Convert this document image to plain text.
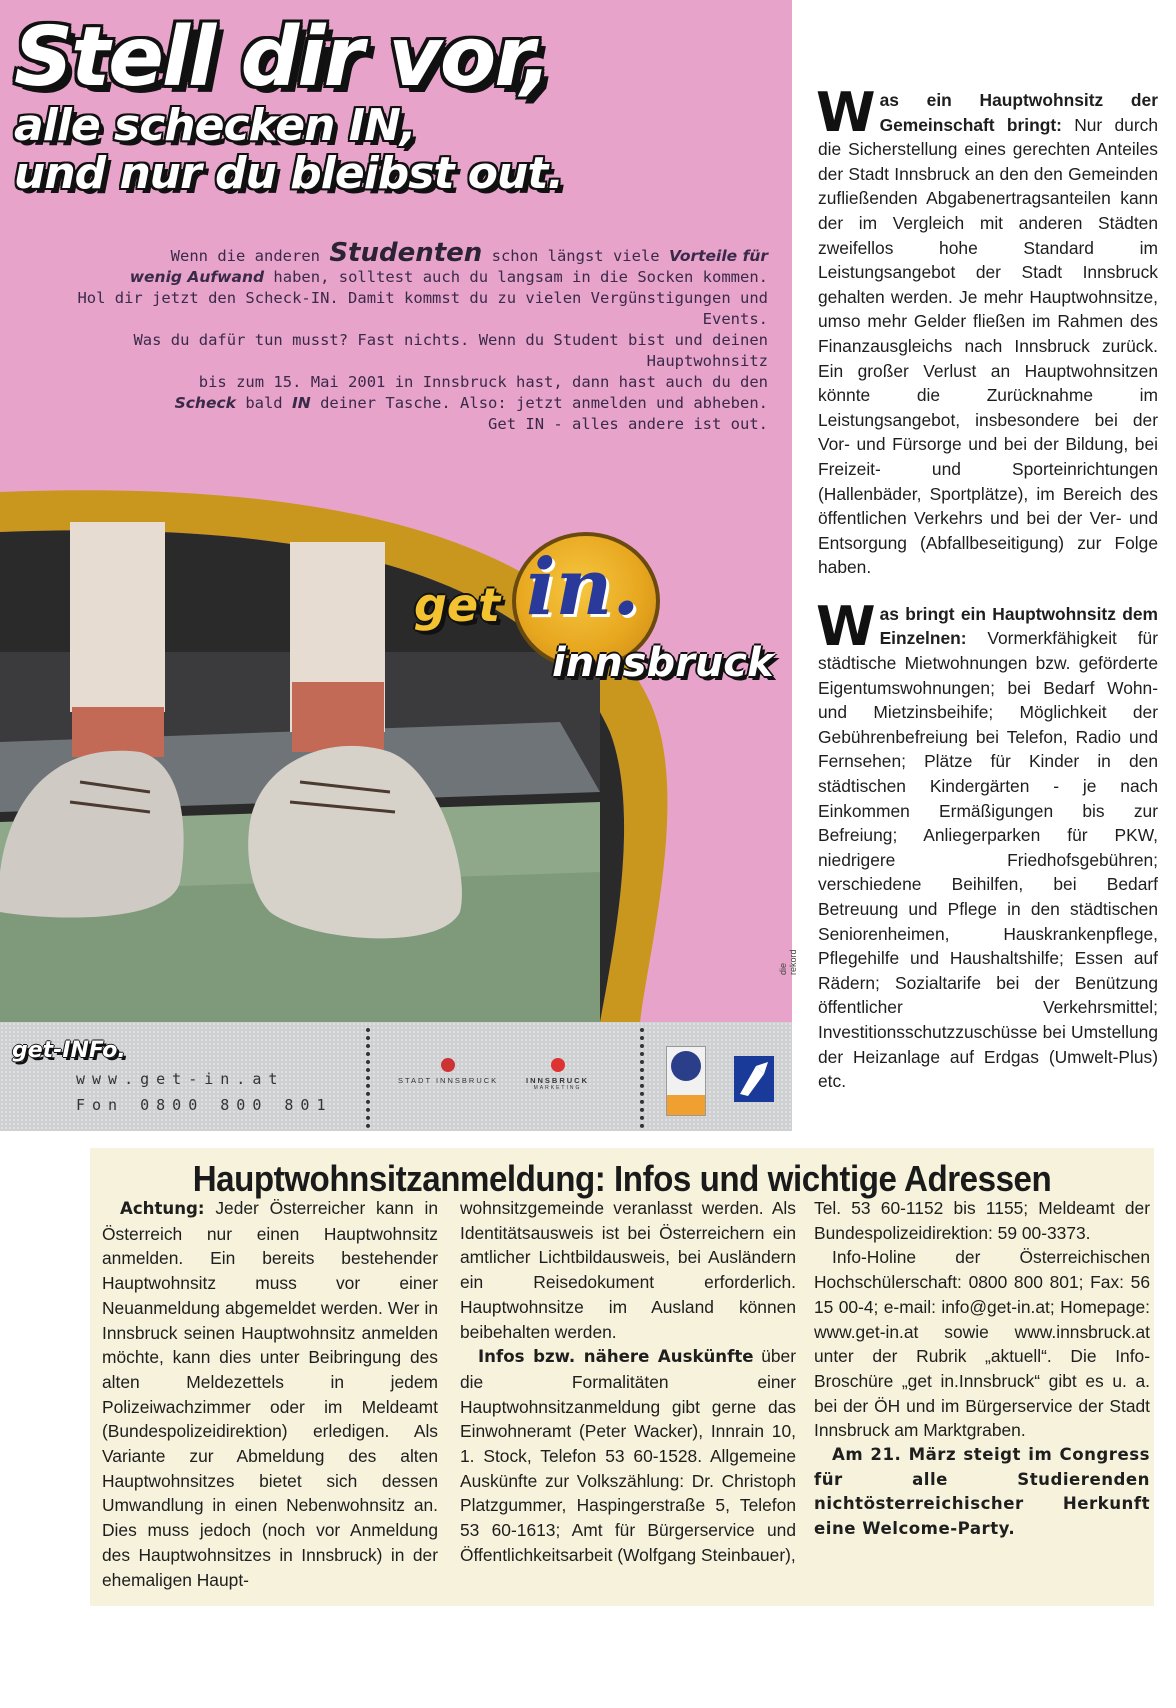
Stell dir vor,
alle schecken IN,
und nur du bleibst out.
Wenn die anderen Studenten schon längst viele Vorteile für
wenig Aufwand haben, solltest auch du langsam in die Socken kommen.
Hol dir jetzt den Scheck-IN. Damit kommst du zu vielen Vergünstigungen und Events.
Was du dafür tun musst? Fast nichts. Wenn du Student bist und deinen Hauptwohnsitz
bis zum 15. Mai 2001 in Innsbruck hast, dann hast auch du den
Scheck bald IN deiner Tasche. Also: jetzt anmelden und abheben.
Get IN - alles andere ist out.
in.
get
innsbruck
die rekord
get-INFo.
www.get-in.at
Fon 0800 800 801
STADT INNSBRUCK	INNSBRUCK
MARKETING

Was ein Hauptwohnsitz der Gemeinschaft bringt: Nur durch die Sicherstellung eines gerechten Anteiles der Stadt Innsbruck an den den Gemeinden zufließenden Abgabenertragsanteilen kann der im Vergleich mit anderen Städten zweifellos hohe Standard im Leistungsangebot der Stadt Innsbruck gehalten werden. Je mehr Hauptwohnsitze, umso mehr Gelder fließen im Rahmen des Finanzausgleichs nach Innsbruck zurück. Ein großer Verlust an Hauptwohnsitzen könnte die Zurücknahme im Leistungsangebot, insbesondere bei der Vor- und Fürsorge und bei der Bildung, bei Freizeit- und Sporteinrichtungen (Hallenbäder, Sportplätze), im Bereich des öffentlichen Verkehrs und bei der Ver- und Entsorgung (Abfallbeseitigung) zur Folge haben.

Was bringt ein Hauptwohnsitz dem Einzelnen: Vormerkfähigkeit für städtische Mietwohnungen bzw. geförderte Eigentumswohnungen; bei Bedarf Wohn- und Mietzinsbeihife; Möglichkeit der Gebührenbefreiung bei Telefon, Radio und Fernsehen; Plätze für Kinder in den städtischen Kindergärten - je nach Einkommen Ermäßigungen bis zur Befreiung; Anliegerparken für PKW, niedrigere Friedhofsgebühren; verschiedene Beihilfen, bei Bedarf Betreuung und Pflege in den städtischen Seniorenheimen, Hauskrankenpflege, Pflegehilfe und Haushaltshilfe; Essen auf Rädern; Sozialtarife bei der Benützung öffentlicher Verkehrsmittel; Investitionsschutzzuschüsse bei Umstellung der Heizanlage auf Erdgas (Umwelt-Plus) etc.

Hauptwohnsitzanmeldung: Infos und wichtige Adressen

Achtung: Jeder Österreicher kann in Österreich nur einen Hauptwohnsitz anmelden. Ein bereits bestehender Hauptwohnsitz muss vor einer Neuanmeldung abgemeldet werden. Wer in Innsbruck seinen Hauptwohnsitz anmelden möchte, kann dies unter Beibringung des alten Meldezettels in jedem Polizeiwachzimmer oder im Meldeamt (Bundespolizeidirektion) erledigen. Als Variante zur Abmeldung des alten Hauptwohnsitzes bietet sich dessen Umwandlung in einen Nebenwohnsitz an. Dies muss jedoch (noch vor Anmeldung des Hauptwohnsitzes in Innsbruck) in der ehemaligen Haupt-

wohnsitzgemeinde veranlasst werden. Als Identitätsausweis ist bei Österreichern ein amtlicher Lichtbildausweis, bei Ausländern ein Reisedokument erforderlich. Hauptwohnsitze im Ausland können beibehalten werden.

Infos bzw. nähere Auskünfte über die Formalitäten einer Hauptwohnsitzanmeldung gibt gerne das Einwohneramt (Peter Wacker), Innrain 10, 1. Stock, Telefon 53 60-1528. Allgemeine Auskünfte zur Volkszählung: Dr. Christoph Platzgummer, Haspingerstraße 5, Telefon 53 60-1613; Amt für Bürgerservice und Öffentlichkeitsarbeit (Wolfgang Steinbauer),

Tel. 53 60-1152 bis 1155; Meldeamt der Bundespolizeidirektion: 59 00-3373.

Info-Holine der Österreichischen Hochschülerschaft: 0800 800 801; Fax: 56 15 00-4; e-mail: info@get-in.at; Homepage: www.get-in.at sowie www.innsbruck.at unter der Rubrik „aktuell“. Die Info-Broschüre „get in.Innsbruck“ gibt es u. a. bei der ÖH und im Bürgerservice der Stadt Innsbruck am Marktgraben.

Am 21. März steigt im Congress für alle Studierenden nichtösterreichischer Herkunft eine Welcome-Party.
